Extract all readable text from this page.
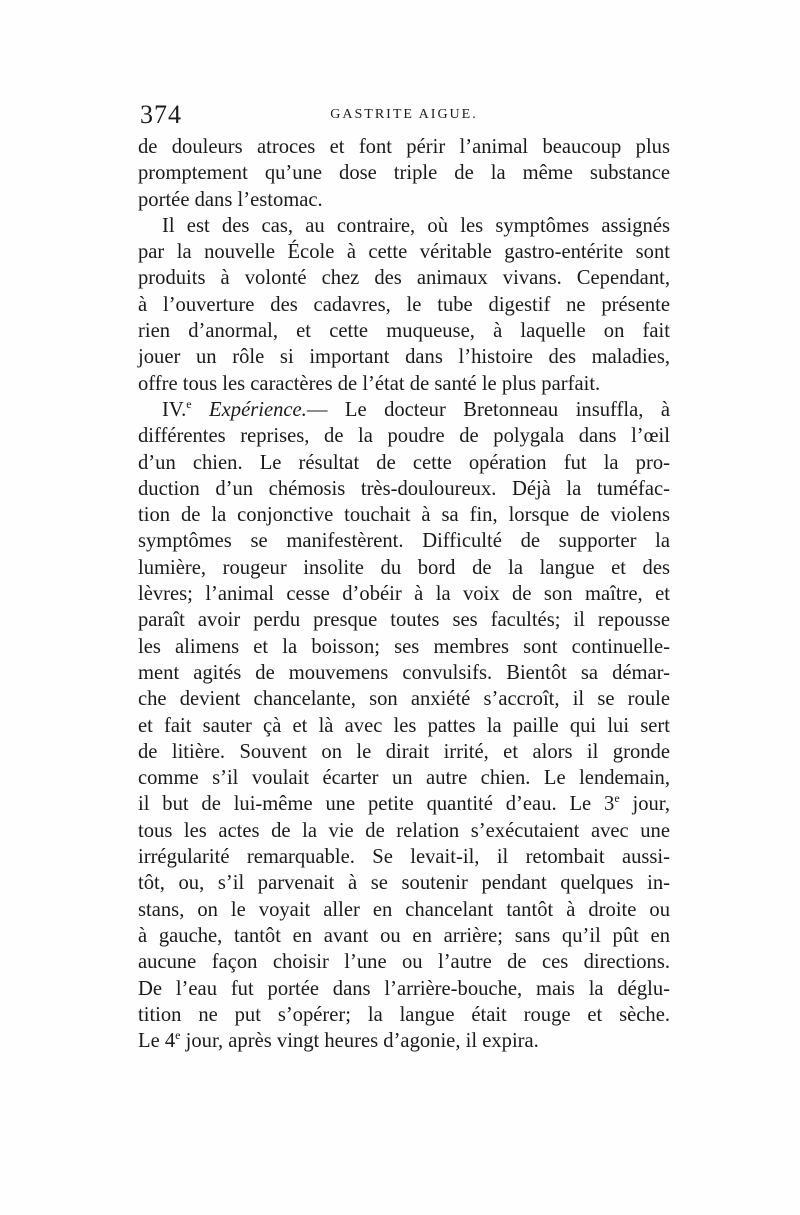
374	GASTRITE AIGUE.
de douleurs atroces et font périr l’animal beaucoup plus
promptement qu’une dose triple de la même substance
portée dans l’estomac.
Il est des cas, au contraire, où les symptômes assignés
par la nouvelle École à cette véritable gastro-entérite sont
produits à volonté chez des animaux vivans. Cependant,
à l’ouverture des cadavres, le tube digestif ne présente
rien d’anormal, et cette muqueuse, à laquelle on fait
jouer un rôle si important dans l’histoire des maladies,
offre tous les caractères de l’état de santé le plus parfait.
IV.$^e$ Expérience.— Le docteur Bretonneau insuffla, à
différentes reprises, de la poudre de polygala dans l’œil
d’un chien. Le résultat de cette opération fut la pro-
duction d’un chémosis très-douloureux. Déjà la tuméfac-
tion de la conjonctive touchait à sa fin, lorsque de violens
symptômes se manifestèrent. Difficulté de supporter la
lumière, rougeur insolite du bord de la langue et des
lèvres; l’animal cesse d’obéir à la voix de son maître, et
paraît avoir perdu presque toutes ses facultés; il repousse
les alimens et la boisson; ses membres sont continuelle-
ment agités de mouvemens convulsifs. Bientôt sa démar-
che devient chancelante, son anxiété s’accroît, il se roule
et fait sauter çà et là avec les pattes la paille qui lui sert
de litière. Souvent on le dirait irrité, et alors il gronde
comme s’il voulait écarter un autre chien. Le lendemain,
il but de lui-même une petite quantité d’eau. Le 3e jour,
tous les actes de la vie de relation s’exécutaient avec une
irrégularité remarquable. Se levait-il, il retombait aussi-
tôt, ou, s’il parvenait à se soutenir pendant quelques in-
stans, on le voyait aller en chancelant tantôt à droite ou
à gauche, tantôt en avant ou en arrière; sans qu’il pût en
aucune façon choisir l’une ou l’autre de ces directions.
De l’eau fut portée dans l’arrière-bouche, mais la déglu-
tition ne put s’opérer; la langue était rouge et sèche.
Le 4e jour, après vingt heures d’agonie, il expira.
